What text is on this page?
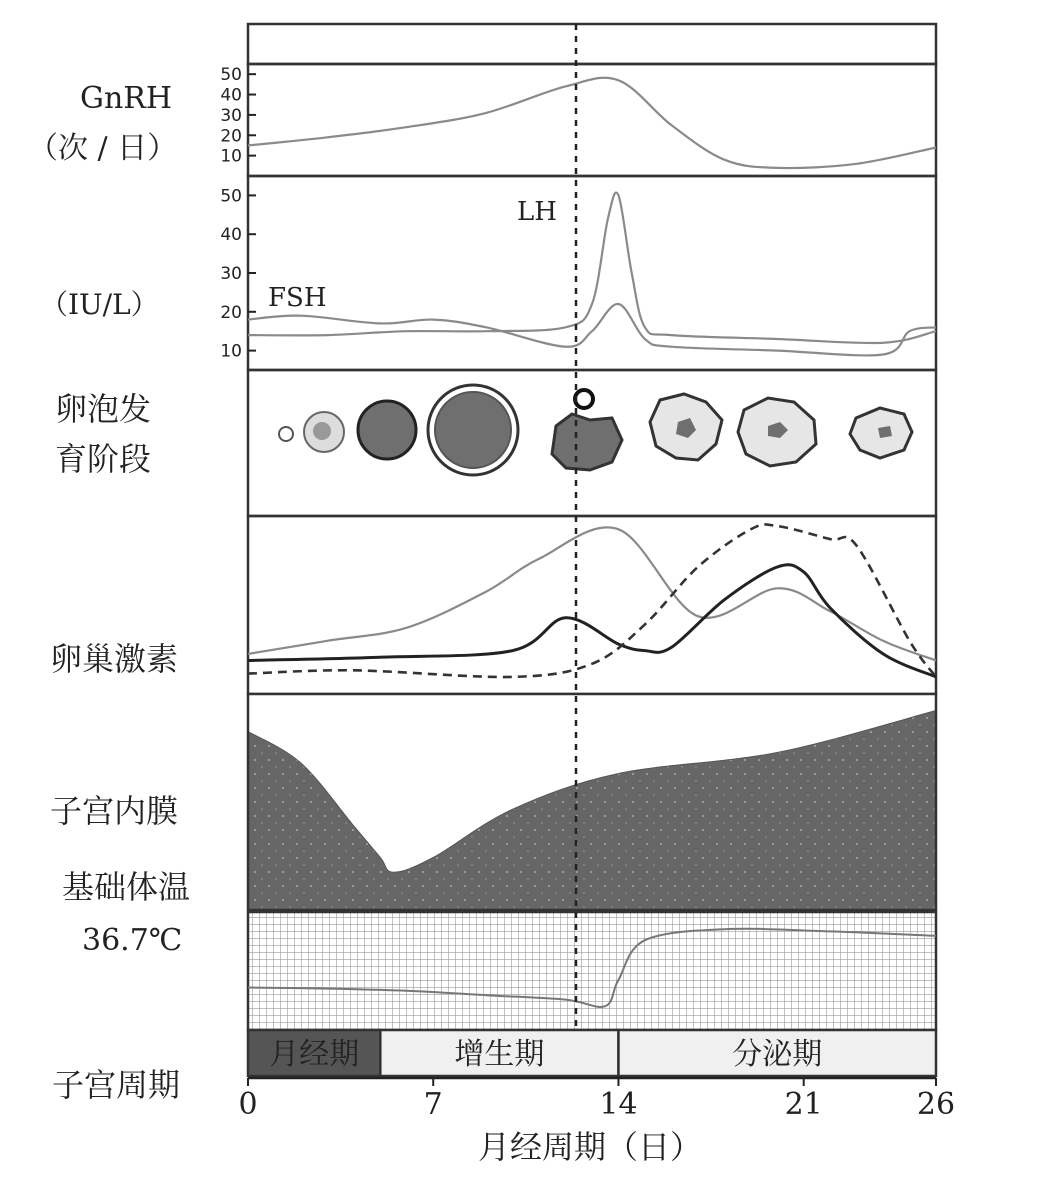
GnRH
（次 / 日）
（IU/L）
卵泡发
育阶段
卵巢激素
子宫内膜
基础体温
36.7℃
子宫周期
LH
FSH
50
40
30
20
10
50
40
30
20
10
月经期	增生期	分泌期
0	7	14	21	26
月经周期（日）
